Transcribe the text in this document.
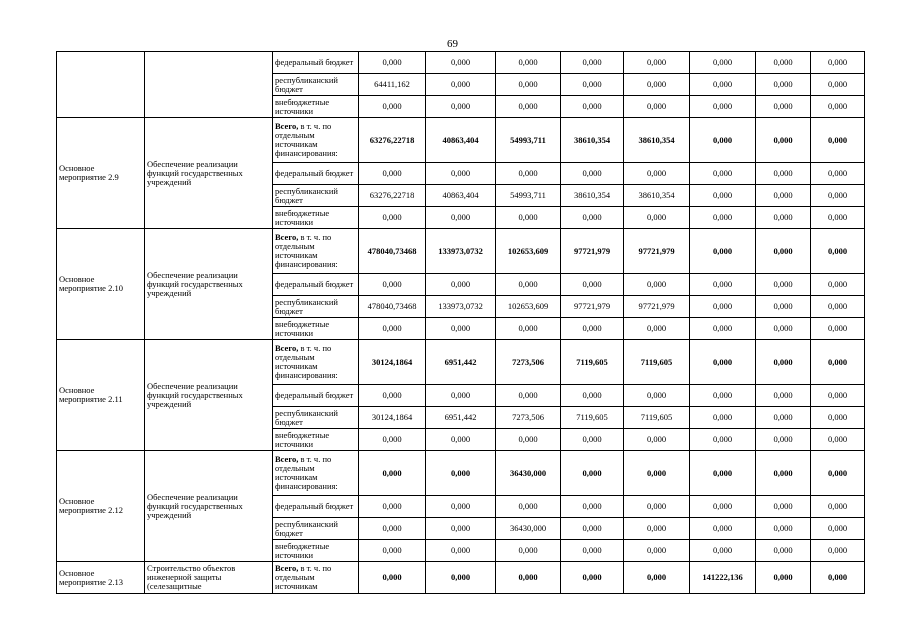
69
		федеральный бюджет	0,000	0,000	0,000	0,000	0,000	0,000	0,000	0,000
		республиканский бюджет	64411,162	0,000	0,000	0,000	0,000	0,000	0,000	0,000
		внебюджетные источники	0,000	0,000	0,000	0,000	0,000	0,000	0,000	0,000
Основное мероприятие 2.9	Обеспечение реализации функций государственных учреждений	Всего, в т. ч. по отдельным источникам финансирования:	63276,22718	40863,404	54993,711	38610,354	38610,354	0,000	0,000	0,000
		федеральный бюджет	0,000	0,000	0,000	0,000	0,000	0,000	0,000	0,000
		республиканский бюджет	63276,22718	40863,404	54993,711	38610,354	38610,354	0,000	0,000	0,000
		внебюджетные источники	0,000	0,000	0,000	0,000	0,000	0,000	0,000	0,000
Основное мероприятие 2.10	Обеспечение реализации функций государственных учреждений	Всего, в т. ч. по отдельным источникам финансирования:	478040,73468	133973,0732	102653,609	97721,979	97721,979	0,000	0,000	0,000
		федеральный бюджет	0,000	0,000	0,000	0,000	0,000	0,000	0,000	0,000
		республиканский бюджет	478040,73468	133973,0732	102653,609	97721,979	97721,979	0,000	0,000	0,000
		внебюджетные источники	0,000	0,000	0,000	0,000	0,000	0,000	0,000	0,000
Основное мероприятие 2.11	Обеспечение реализации функций государственных учреждений	Всего, в т. ч. по отдельным источникам финансирования:	30124,1864	6951,442	7273,506	7119,605	7119,605	0,000	0,000	0,000
		федеральный бюджет	0,000	0,000	0,000	0,000	0,000	0,000	0,000	0,000
		республиканский бюджет	30124,1864	6951,442	7273,506	7119,605	7119,605	0,000	0,000	0,000
		внебюджетные источники	0,000	0,000	0,000	0,000	0,000	0,000	0,000	0,000
Основное мероприятие 2.12	Обеспечение реализации функций государственных учреждений	Всего, в т. ч. по отдельным источникам финансирования:	0,000	0,000	36430,000	0,000	0,000	0,000	0,000	0,000
		федеральный бюджет	0,000	0,000	0,000	0,000	0,000	0,000	0,000	0,000
		республиканский бюджет	0,000	0,000	36430,000	0,000	0,000	0,000	0,000	0,000
		внебюджетные источники	0,000	0,000	0,000	0,000	0,000	0,000	0,000	0,000
Основное мероприятие 2.13	Строительство объектов инженерной защиты (селезащитные	Всего, в т. ч. по отдельным источникам	0,000	0,000	0,000	0,000	0,000	141222,136	0,000	0,000
